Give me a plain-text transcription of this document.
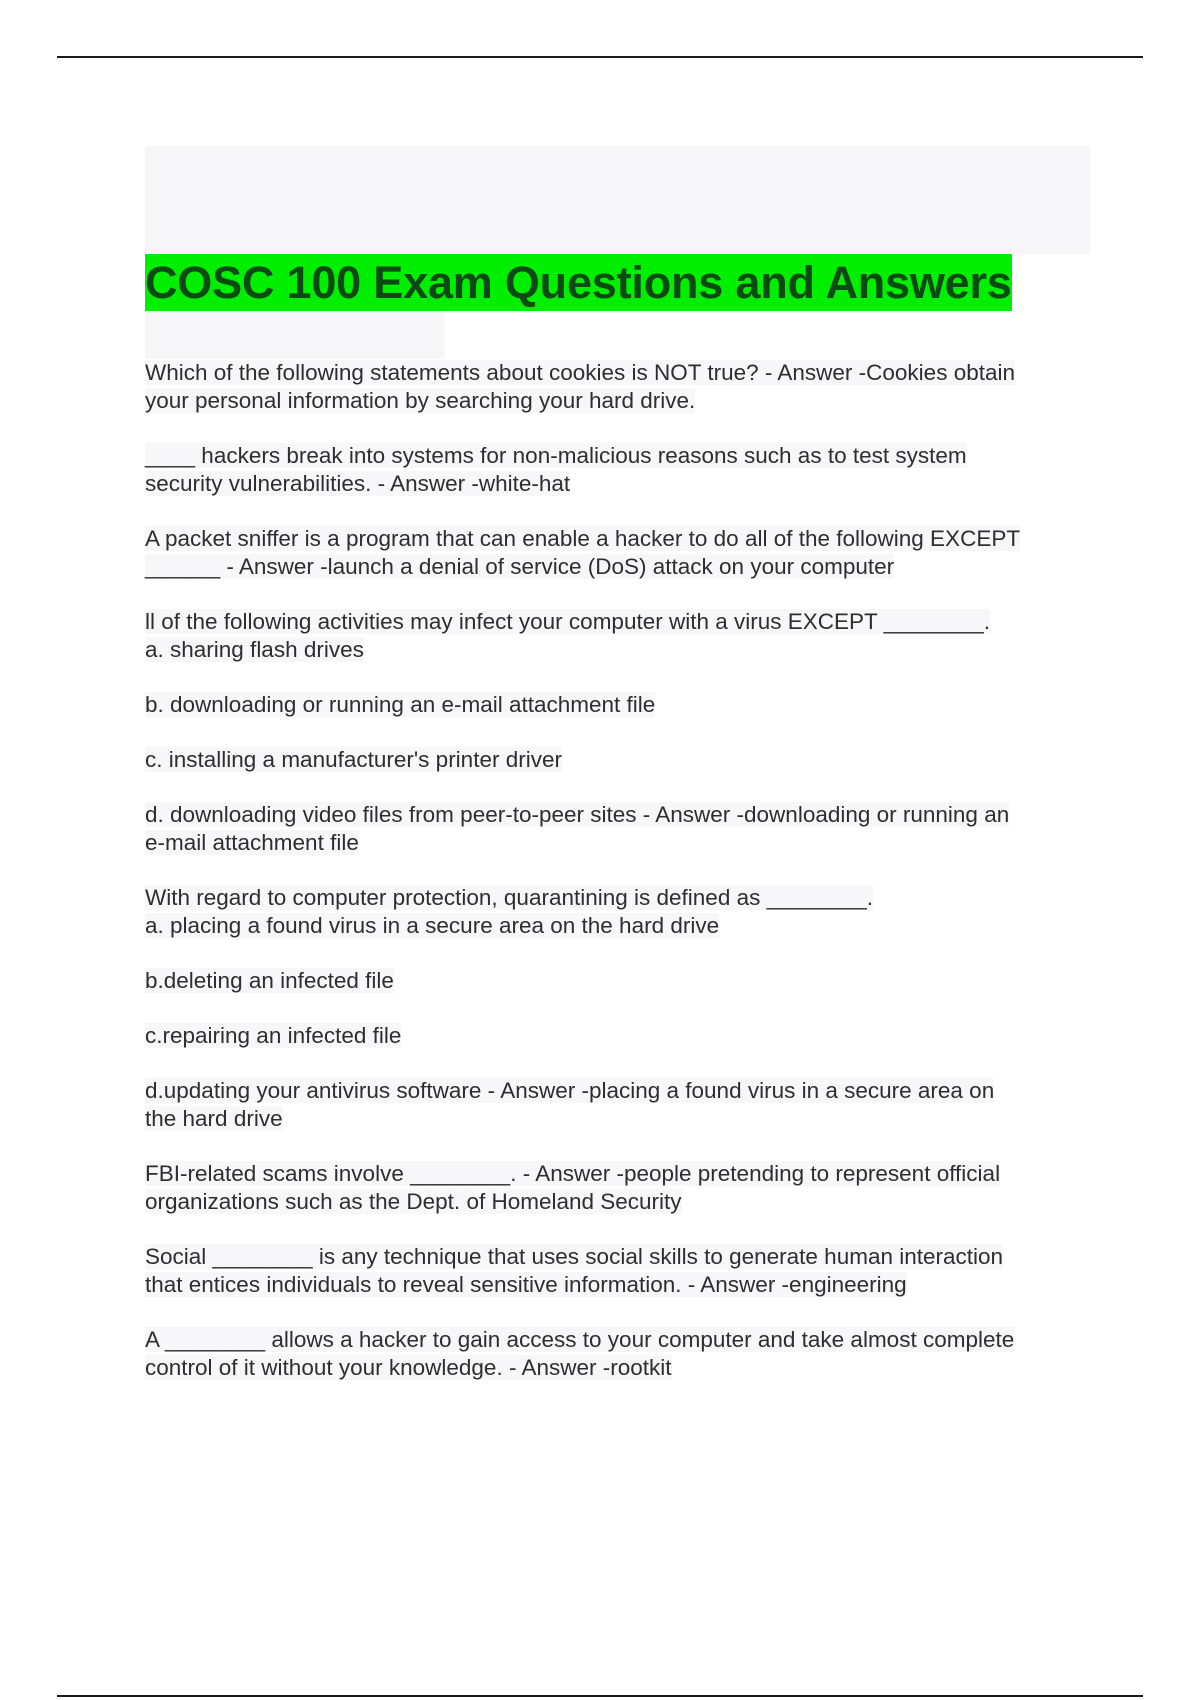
COSC 100 Exam Questions and Answers

Which of the following statements about cookies is NOT true? - Answer -Cookies obtain
your personal information by searching your hard drive.

____ hackers break into systems for non-malicious reasons such as to test system
security vulnerabilities. - Answer -white-hat

A packet sniffer is a program that can enable a hacker to do all of the following EXCEPT
______ - Answer -launch a denial of service (DoS) attack on your computer

ll of the following activities may infect your computer with a virus EXCEPT ________.
a. sharing flash drives

b. downloading or running an e-mail attachment file

c. installing a manufacturer's printer driver

d. downloading video files from peer-to-peer sites - Answer -downloading or running an
e-mail attachment file

With regard to computer protection, quarantining is defined as ________.
a. placing a found virus in a secure area on the hard drive

b.deleting an infected file

c.repairing an infected file

d.updating your antivirus software - Answer -placing a found virus in a secure area on
the hard drive

FBI-related scams involve ________. - Answer -people pretending to represent official
organizations such as the Dept. of Homeland Security

Social ________ is any technique that uses social skills to generate human interaction
that entices individuals to reveal sensitive information. - Answer -engineering

A ________ allows a hacker to gain access to your computer and take almost complete
control of it without your knowledge. - Answer -rootkit
